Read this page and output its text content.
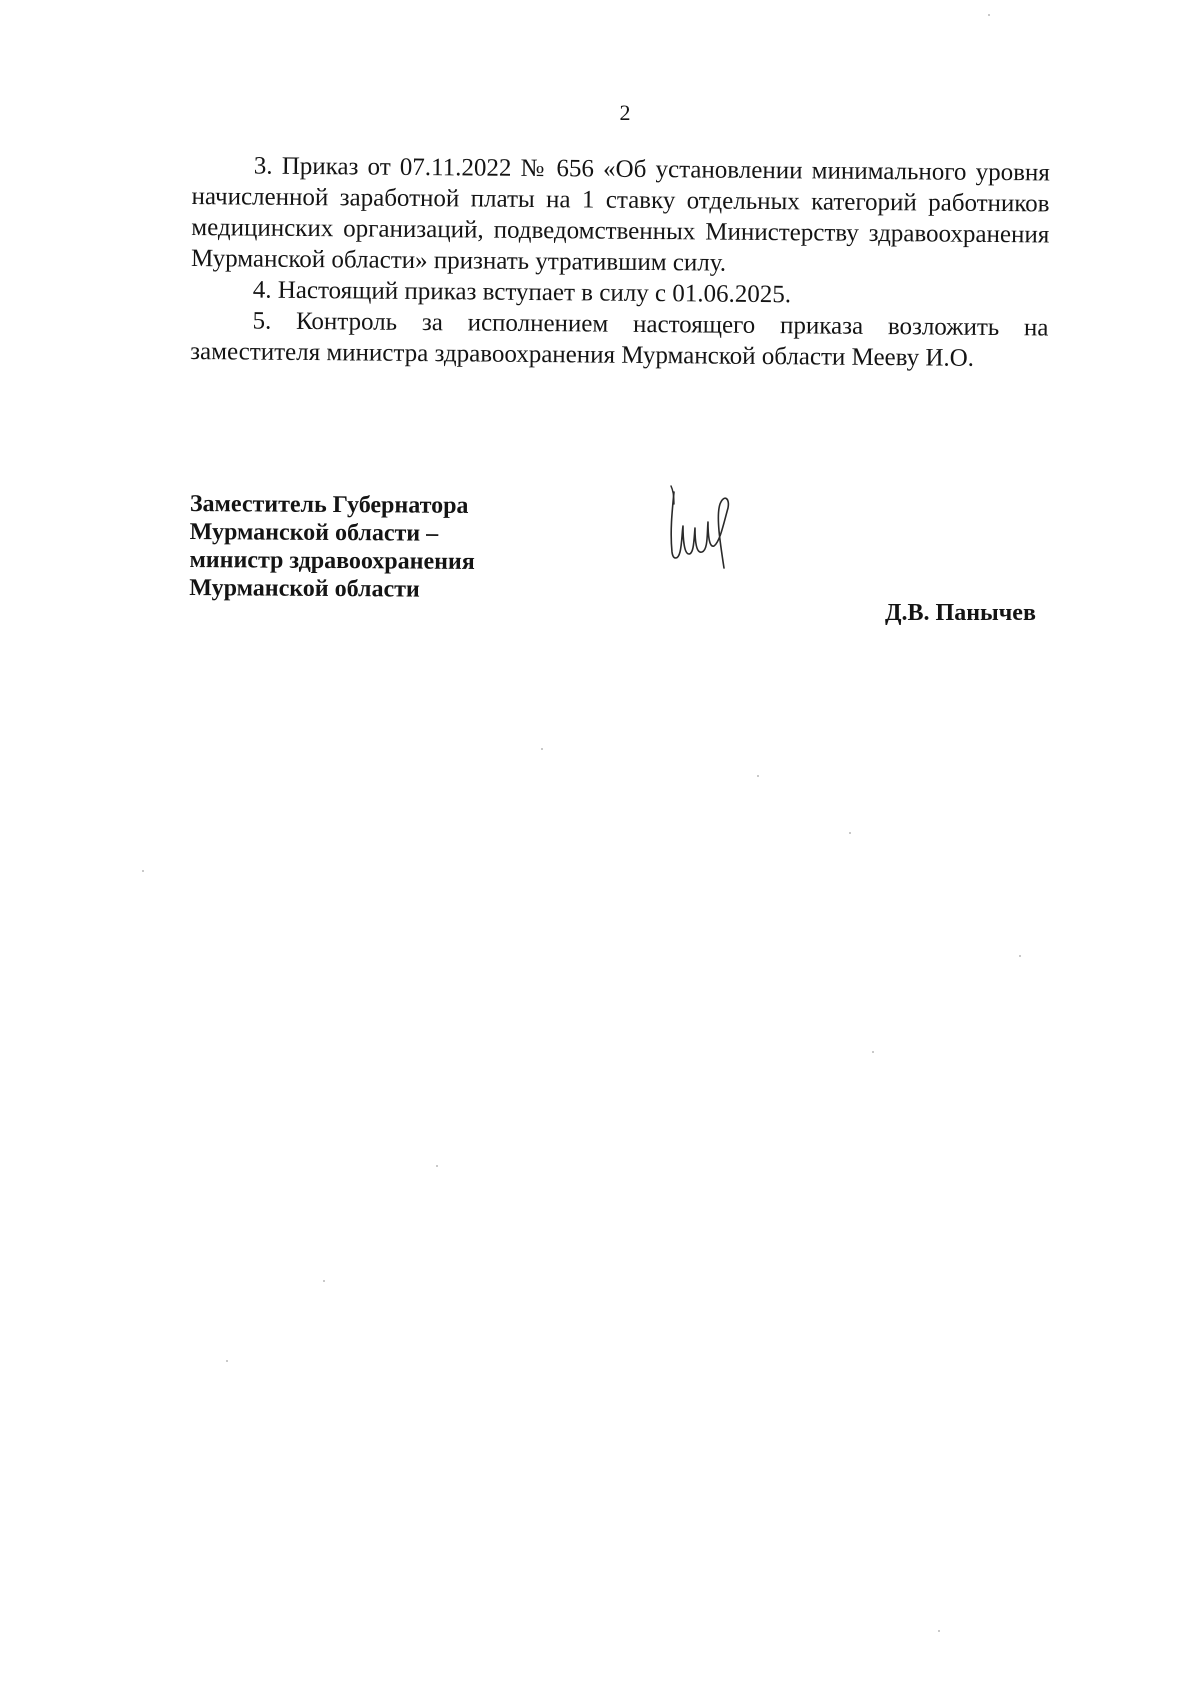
2

3. Приказ от 07.11.2022 № 656 «Об установлении минимального уровня начисленной заработной платы на 1 ставку отдельных категорий работников медицинских организаций, подведомственных Министерству здравоохранения Мурманской области» признать утратившим силу.

4. Настоящий приказ вступает в силу с 01.06.2025.

5. Контроль за исполнением настоящего приказа возложить на заместителя министра здравоохранения Мурманской области Мееву И.О.

Заместитель Губернатора
Мурманской области –
министр здравоохранения
Мурманской области
Д.В. Панычев
